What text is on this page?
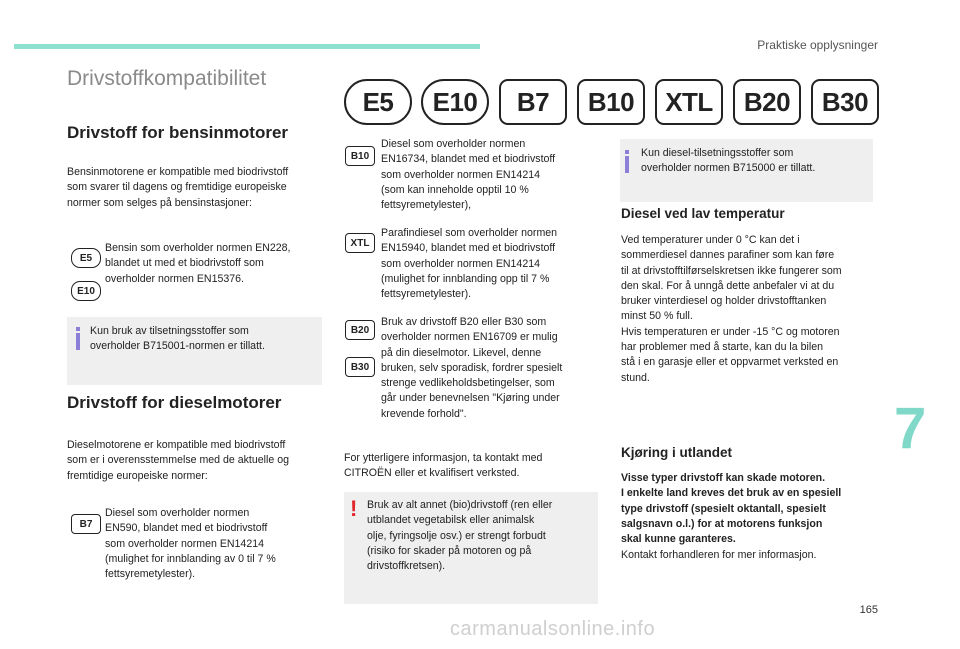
Praktiske opplysninger
7
165
carmanualsonline.info
Drivstoffkompatibilitet
E5	E10	B7	B10	XTL	B20	B30
Drivstoff for bensinmotorer
Bensinmotorene er kompatible med biodrivstoff
som svarer til dagens og fremtidige europeiske
normer som selges på bensinstasjoner:
E5
E10
Bensin som overholder normen EN228,
blandet ut med et biodrivstoff som
overholder normen EN15376.
Kun bruk av tilsetningsstoffer som
overholder B715001-normen er tillatt.
Drivstoff for dieselmotorer
Dieselmotorene er kompatible med biodrivstoff
som er i overensstemmelse med de aktuelle og
fremtidige europeiske normer:
B7
Diesel som overholder normen
EN590, blandet med et biodrivstoff
som overholder normen EN14214
(mulighet for innblanding av 0 til 7 %
fettsyremetylester).
B10
Diesel som overholder normen
EN16734, blandet med et biodrivstoff
som overholder normen EN14214
(som kan inneholde opptil 10 %
fettsyremetylester),
XTL
Parafindiesel som overholder normen
EN15940, blandet med et biodrivstoff
som overholder normen EN14214
(mulighet for innblanding opp til 7 %
fettsyremetylester).
B20
B30
Bruk av drivstoff B20 eller B30 som
overholder normen EN16709 er mulig
på din dieselmotor. Likevel, denne
bruken, selv sporadisk, fordrer spesielt
strenge vedlikeholdsbetingelser, som
går under benevnelsen "Kjøring under
krevende forhold".
For ytterligere informasjon, ta kontakt med
CITROËN eller et kvalifisert verksted.
! Bruk av alt annet (bio)drivstoff (ren eller
utblandet vegetabilsk eller animalsk
olje, fyringsolje osv.) er strengt forbudt
(risiko for skader på motoren og på
drivstoffkretsen).
Kun diesel-tilsetningsstoffer som
overholder normen B715000 er tillatt.
Diesel ved lav temperatur
Ved temperaturer under 0 °C kan det i
sommerdiesel dannes parafiner som kan føre
til at drivstofftilførselskretsen ikke fungerer som
den skal. For å unngå dette anbefaler vi at du
bruker vinterdiesel og holder drivstofftanken
minst 50 % full.
Hvis temperaturen er under -15 °C og motoren
har problemer med å starte, kan du la bilen
stå i en garasje eller et oppvarmet verksted en
stund.
Kjøring i utlandet
Visse typer drivstoff kan skade motoren.
I enkelte land kreves det bruk av en spesiell
type drivstoff (spesielt oktantall, spesielt
salgsnavn o.l.) for at motorens funksjon
skal kunne garanteres.
Kontakt forhandleren for mer informasjon.
